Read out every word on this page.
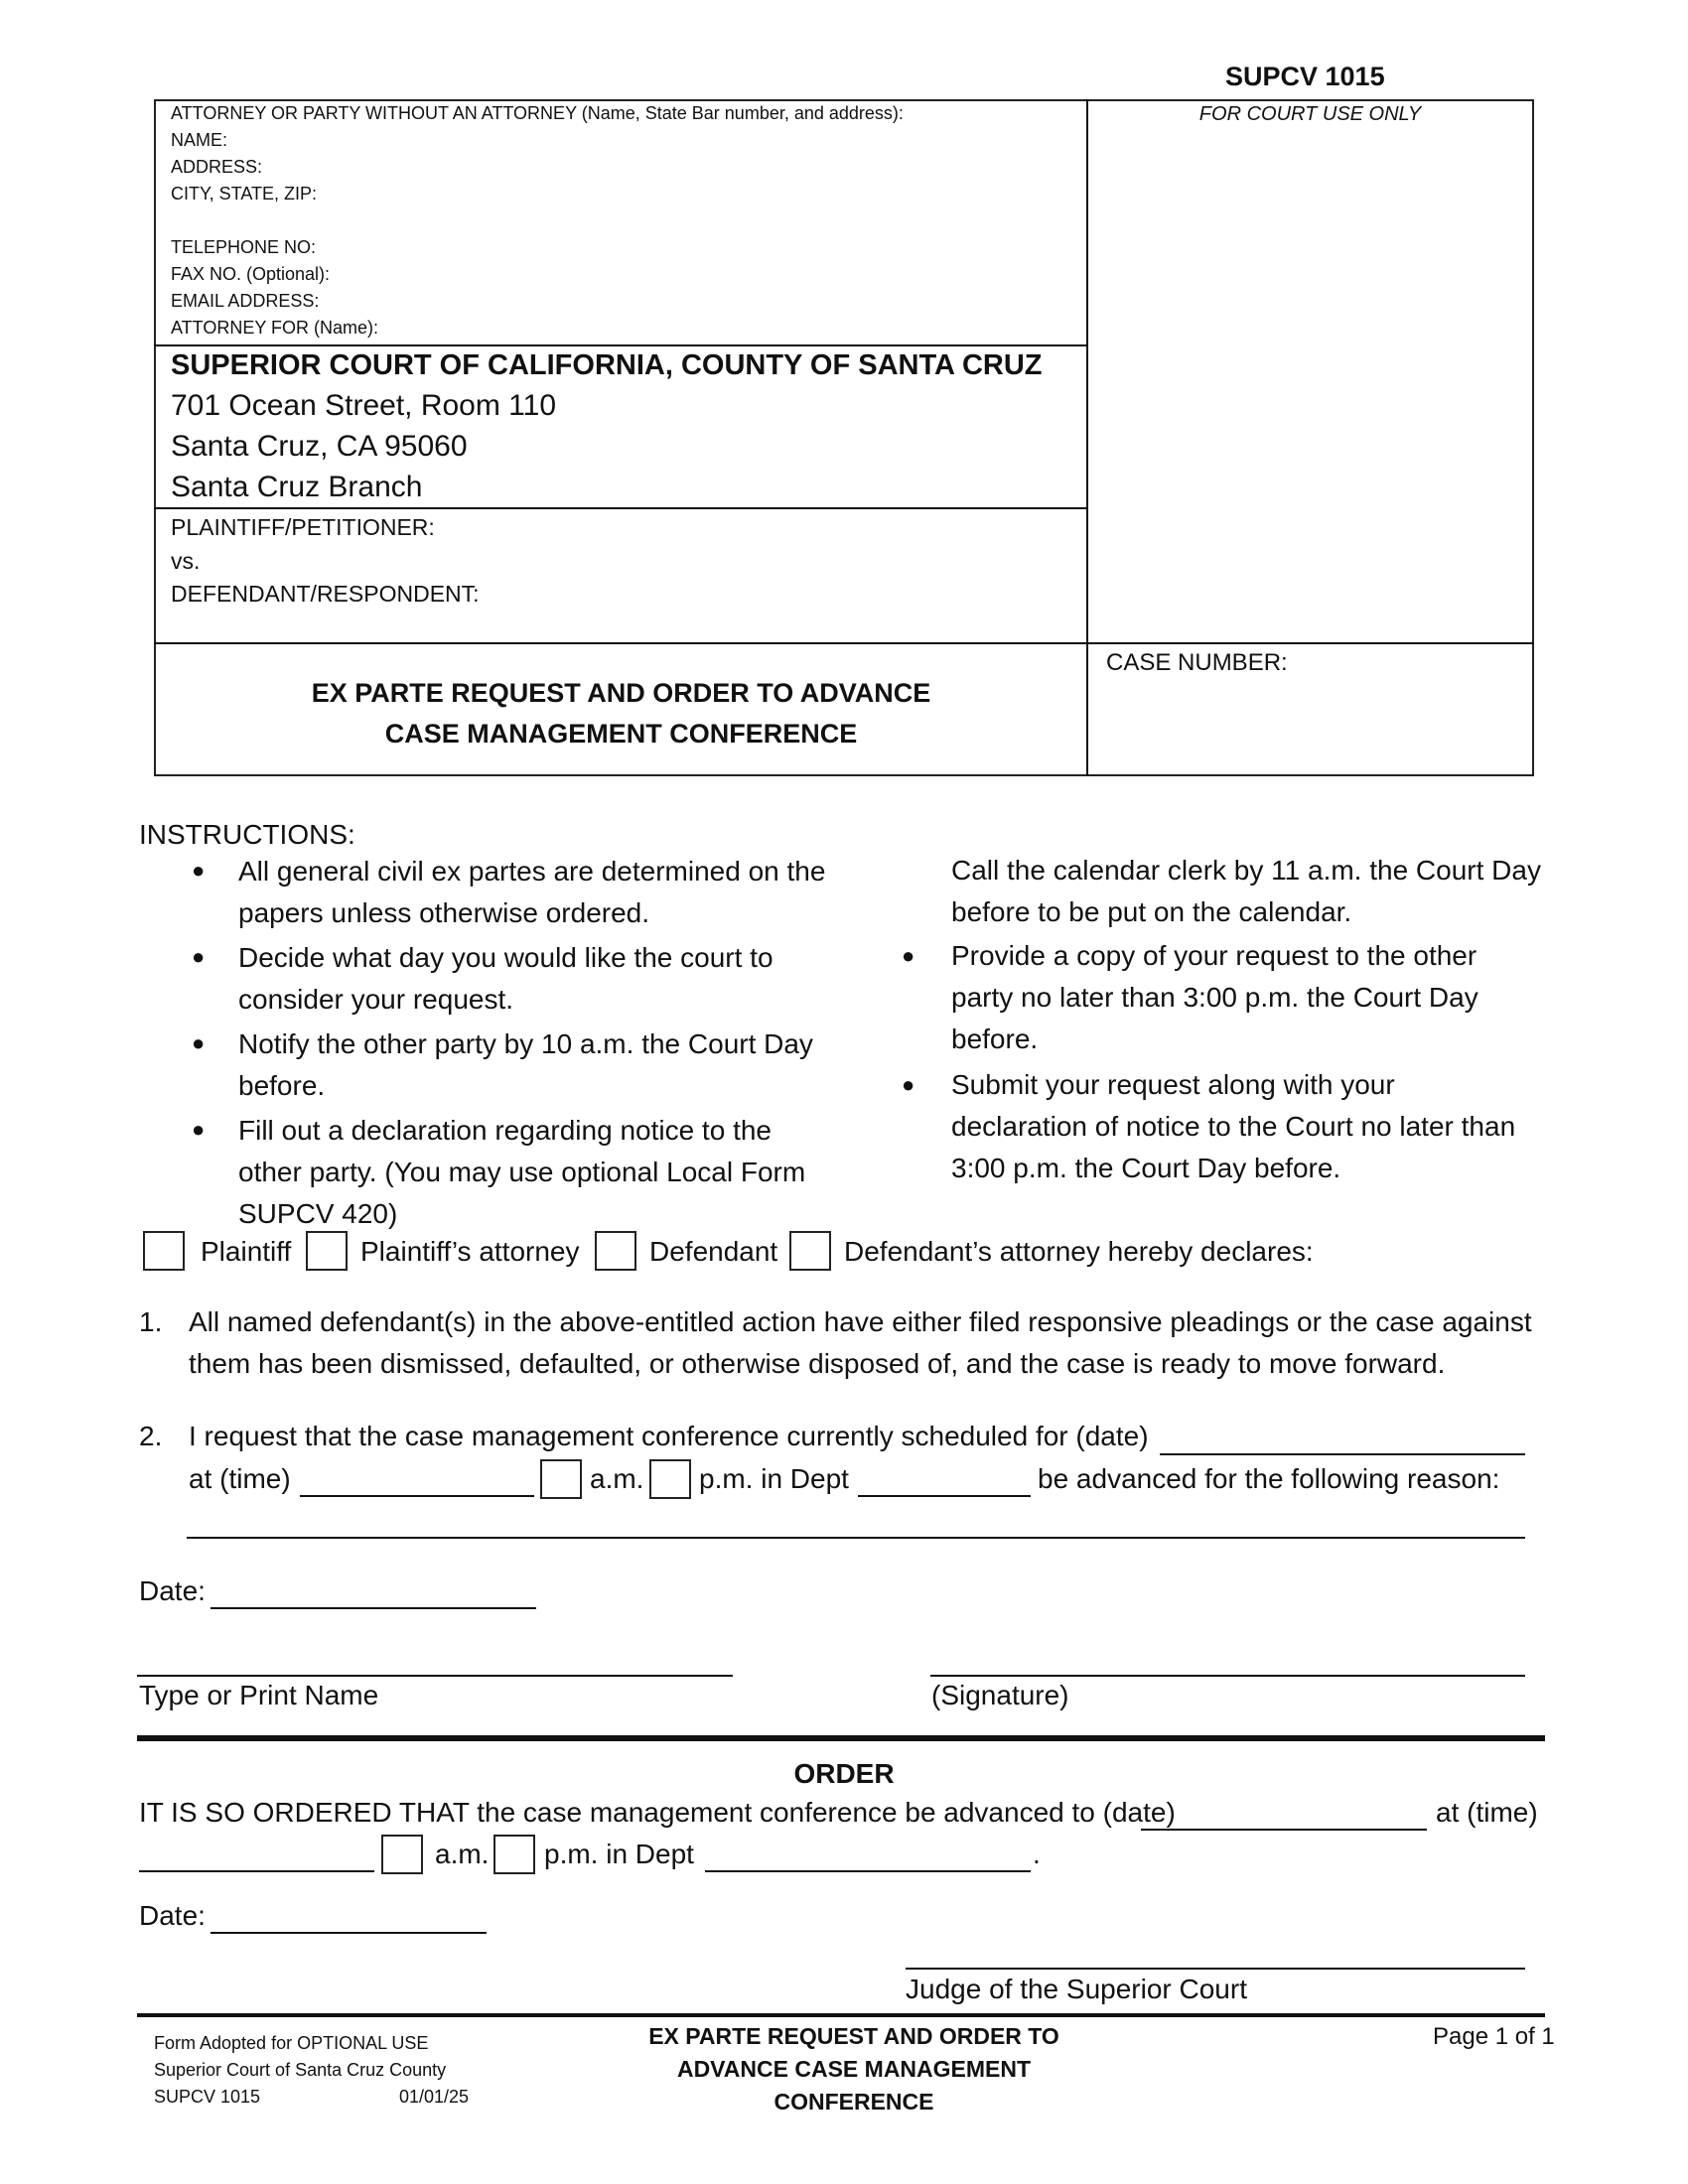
SUPCV 1015
ATTORNEY OR PARTY WITHOUT AN ATTORNEY (Name, State Bar number, and address):
NAME:
ADDRESS:
CITY, STATE, ZIP:
TELEPHONE NO:
FAX NO. (Optional):
EMAIL ADDRESS:
ATTORNEY FOR (Name):
FOR COURT USE ONLY
SUPERIOR COURT OF CALIFORNIA, COUNTY OF SANTA CRUZ
701 Ocean Street, Room 110
Santa Cruz, CA 95060
Santa Cruz Branch
PLAINTIFF/PETITIONER:
vs.
DEFENDANT/RESPONDENT:
EX PARTE REQUEST AND ORDER TO ADVANCE
CASE MANAGEMENT CONFERENCE
CASE NUMBER:
INSTRUCTIONS:
● All general civil ex partes are determined on the
papers unless otherwise ordered.
● Decide what day you would like the court to
consider your request.
● Notify the other party by 10 a.m. the Court Day
before.
● Fill out a declaration regarding notice to the
other party. (You may use optional Local Form
SUPCV 420)
Call the calendar clerk by 11 a.m. the Court Day
before to be put on the calendar.
● Provide a copy of your request to the other
party no later than 3:00 p.m. the Court Day
before.
● Submit your request along with your
declaration of notice to the Court no later than
3:00 p.m. the Court Day before.
Plaintiff Plaintiff’s attorney	Defendant Defendant’s attorney hereby declares:
1. All named defendant(s) in the above-entitled action have either filed responsive pleadings or the case against
them has been dismissed, defaulted, or otherwise disposed of, and the case is ready to move forward.
2. I request that the case management conference currently scheduled for (date)
at (time)	a.m. p.m. in Dept	be advanced for the following reason:
Date:
Type or Print Name	(Signature)
ORDER
IT IS SO ORDERED THAT the case management conference be advanced to (date)	at (time)
a.m. p.m. in Dept	.
Date:
Judge of the Superior Court
Form Adopted for OPTIONAL USE
Superior Court of Santa Cruz County
SUPCV 1015	01/01/25
EX PARTE REQUEST AND ORDER TO
ADVANCE CASE MANAGEMENT
CONFERENCE
Page 1 of 1
